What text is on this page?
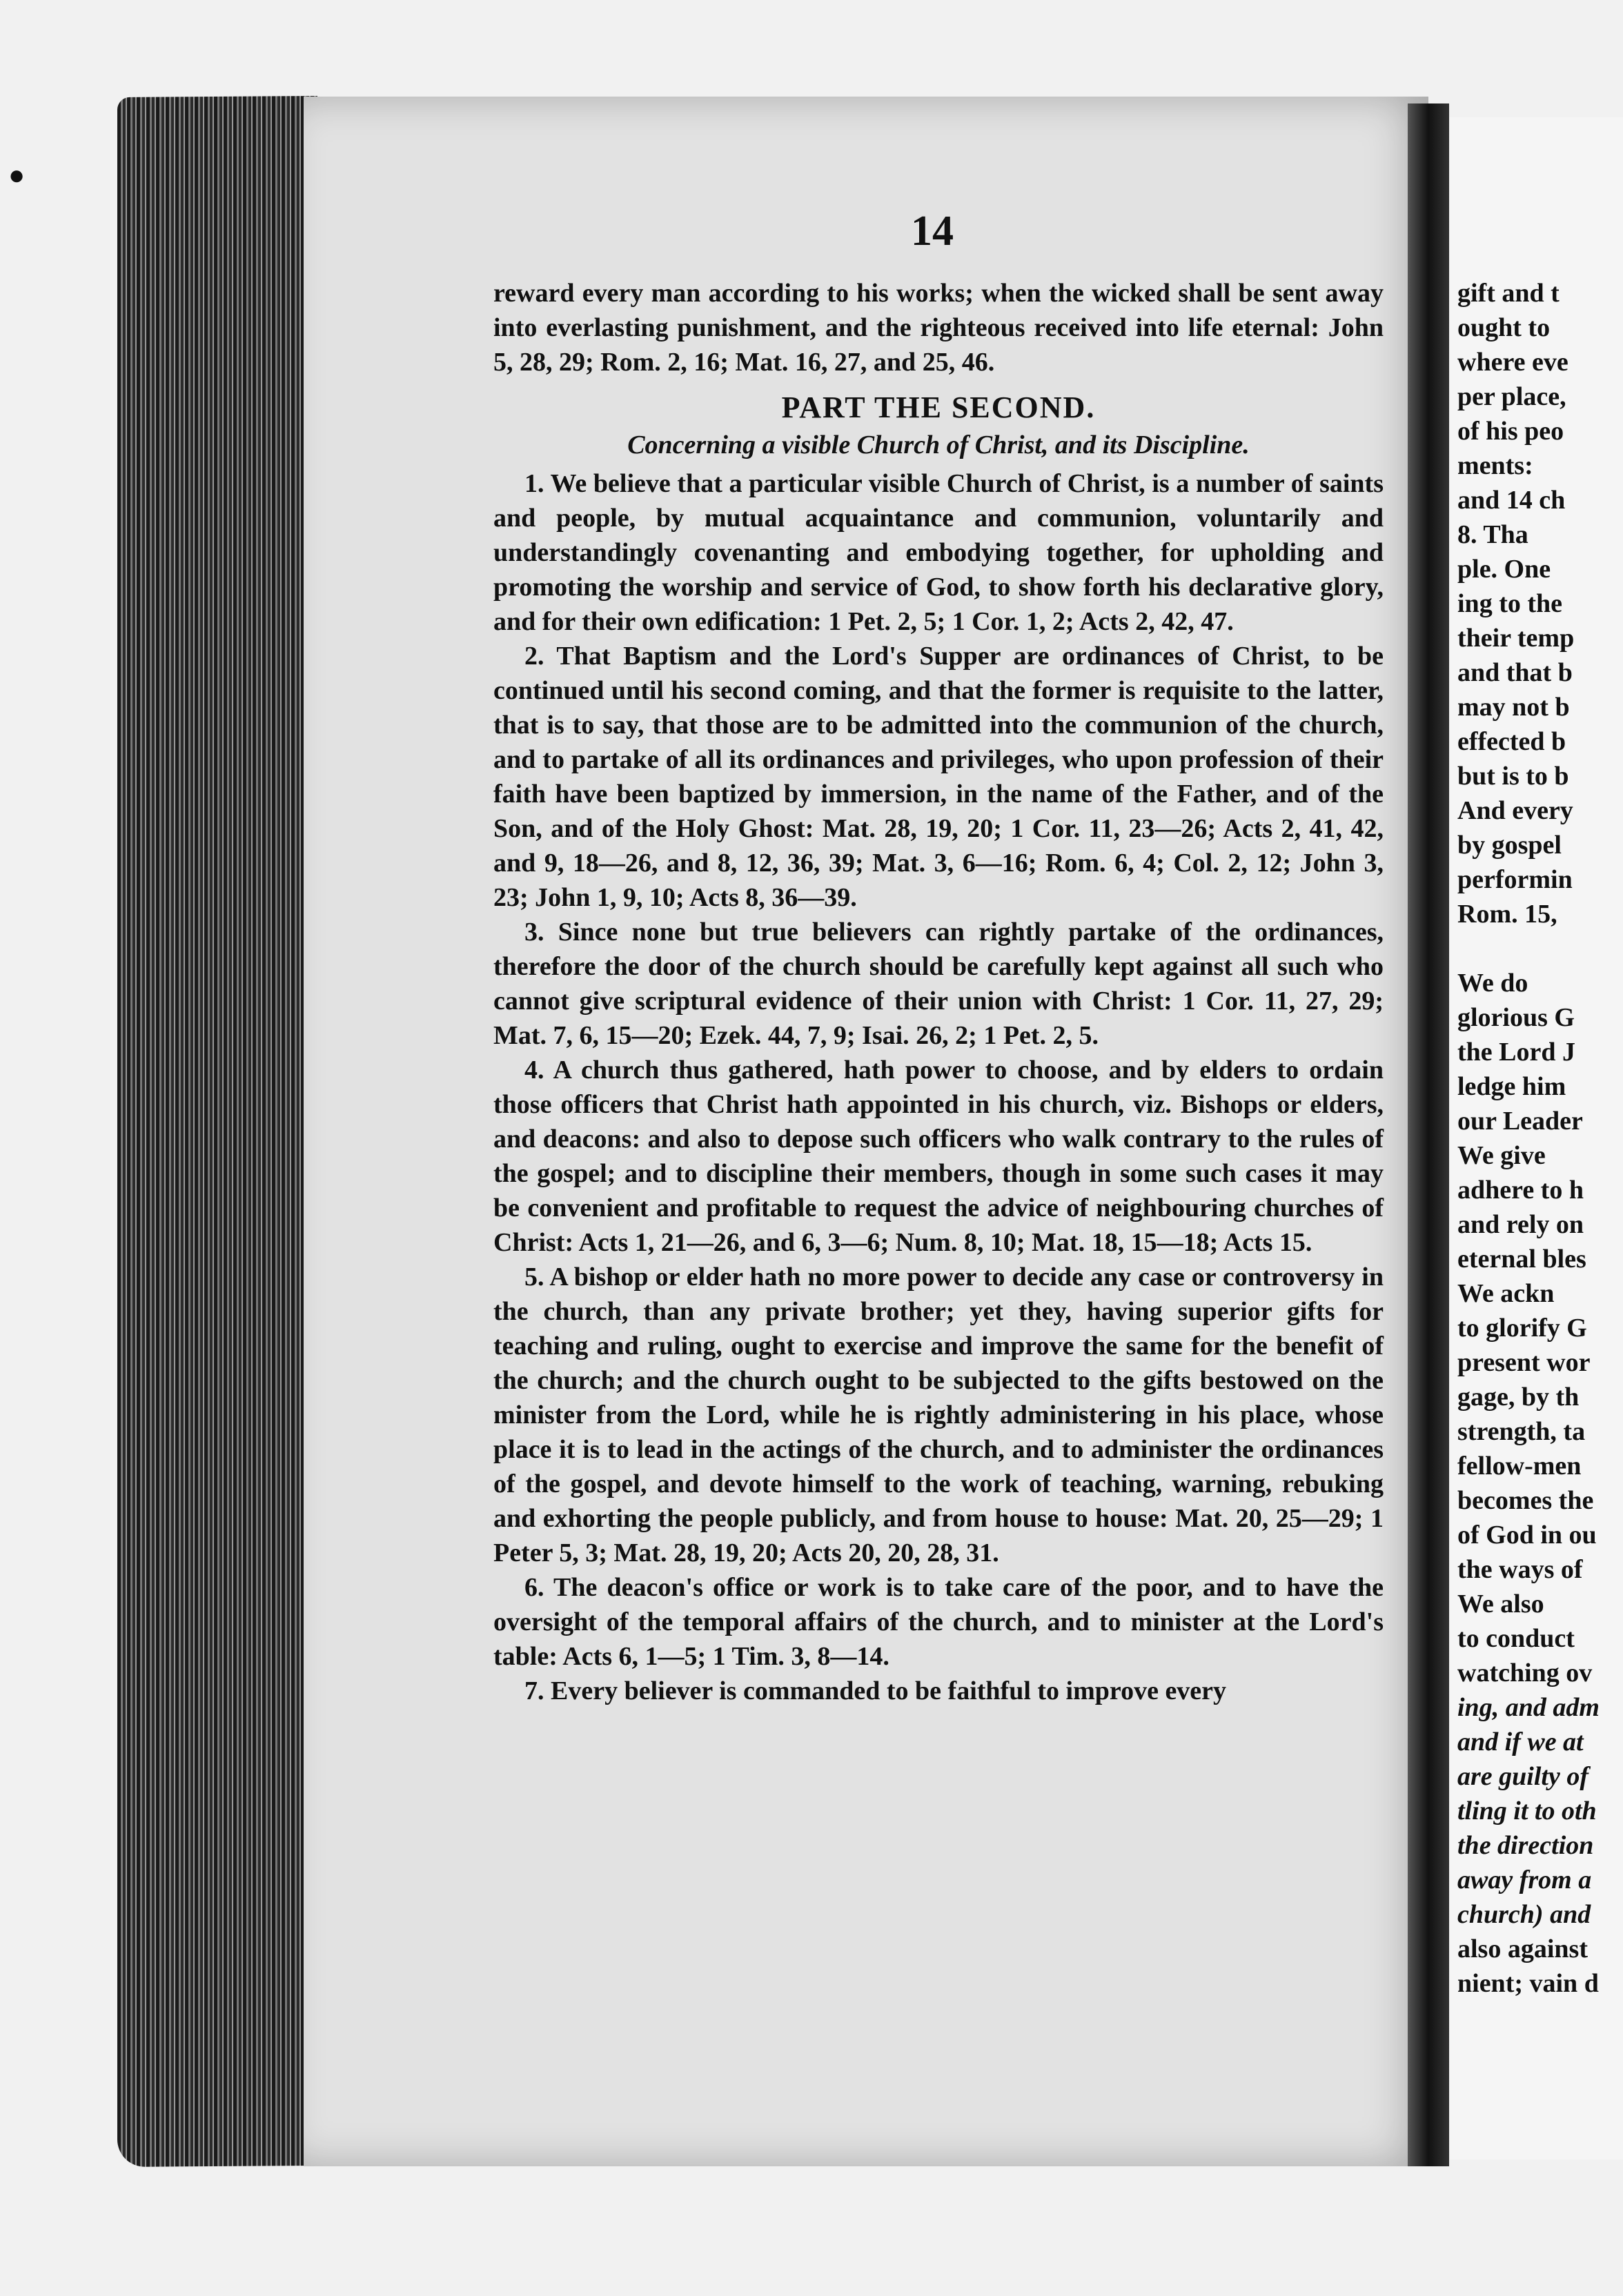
●
14

reward every man according to his works; when the wicked shall be sent away into everlasting punishment, and the righteous received into life eternal: John 5, 28, 29; Rom. 2, 16; Mat. 16, 27, and 25, 46.

PART THE SECOND.

Concerning a visible Church of Christ, and its Discipline.

1. We believe that a particular visible Church of Christ, is a number of saints and people, by mutual acquaintance and communion, voluntarily and understandingly covenanting and embodying together, for upholding and promoting the worship and service of God, to show forth his declarative glory, and for their own edification: 1 Pet. 2, 5; 1 Cor. 1, 2; Acts 2, 42, 47.

2. That Baptism and the Lord's Supper are ordinances of Christ, to be continued until his second coming, and that the former is requisite to the latter, that is to say, that those are to be admitted into the communion of the church, and to partake of all its ordinances and privileges, who upon profession of their faith have been baptized by immersion, in the name of the Father, and of the Son, and of the Holy Ghost: Mat. 28, 19, 20; 1 Cor. 11, 23—26; Acts 2, 41, 42, and 9, 18—26, and 8, 12, 36, 39; Mat. 3, 6—16; Rom. 6, 4; Col. 2, 12; John 3, 23; John 1, 9, 10; Acts 8, 36—39.

3. Since none but true believers can rightly partake of the ordinances, therefore the door of the church should be carefully kept against all such who cannot give scriptural evidence of their union with Christ: 1 Cor. 11, 27, 29; Mat. 7, 6, 15—20; Ezek. 44, 7, 9; Isai. 26, 2; 1 Pet. 2, 5.

4. A church thus gathered, hath power to choose, and by elders to ordain those officers that Christ hath appointed in his church, viz. Bishops or elders, and deacons: and also to depose such officers who walk contrary to the rules of the gospel; and to discipline their members, though in some such cases it may be convenient and profitable to request the advice of neighbouring churches of Christ: Acts 1, 21—26, and 6, 3—6; Num. 8, 10; Mat. 18, 15—18; Acts 15.

5. A bishop or elder hath no more power to decide any case or controversy in the church, than any private brother; yet they, having superior gifts for teaching and ruling, ought to exercise and improve the same for the benefit of the church; and the church ought to be subjected to the gifts bestowed on the minister from the Lord, while he is rightly administering in his place, whose place it is to lead in the actings of the church, and to administer the ordinances of the gospel, and devote himself to the work of teaching, warning, rebuking and exhorting the people publicly, and from house to house: Mat. 20, 25—29; 1 Peter 5, 3; Mat. 28, 19, 20; Acts 20, 20, 28, 31.

6. The deacon's office or work is to take care of the poor, and to have the oversight of the temporal affairs of the church, and to minister at the Lord's table: Acts 6, 1—5; 1 Tim. 3, 8—14.

7. Every believer is commanded to be faithful to improve every

gift and t
ought to
where eve
per place,
of his peo
ments:
and 14 ch
8. Tha
ple. One
ing to the
their temp
and that b
may not b
effected b
but is to b
And every
by gospel
performin
Rom. 15,
We do
glorious G
the Lord J
ledge him
our Leader
We give
adhere to h
and rely on
eternal bles
We ackn
to glorify G
present wor
gage, by th
strength, ta
fellow-men
becomes the
of God in ou
the ways of
We also
to conduct
watching ov
ing, and adm
and if we at
are guilty of
tling it to oth
the direction
away from a
church) and
also against
nient; vain d
